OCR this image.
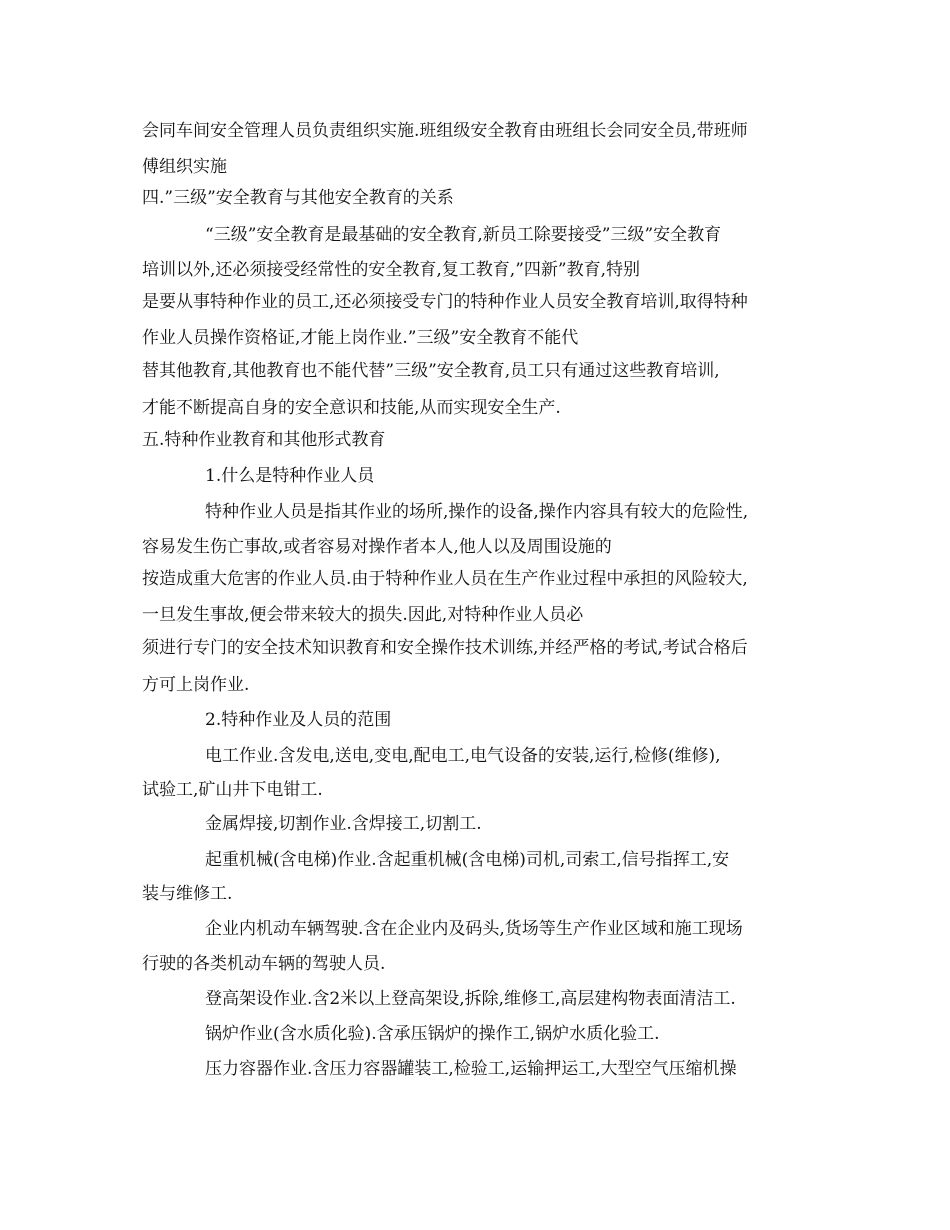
会同车间安全管理人员负责组织实施.班组级安全教育由班组长会同安全员,带班师
傅组织实施
四.”三级”安全教育与其他安全教育的关系
“三级”安全教育是最基础的安全教育,新员工除要接受”三级”安全教育
培训以外,还必须接受经常性的安全教育,复工教育,”四新”教育,特别
是要从事特种作业的员工,还必须接受专门的特种作业人员安全教育培训,取得特种
作业人员操作资格证,才能上岗作业.”三级”安全教育不能代
替其他教育,其他教育也不能代替”三级”安全教育,员工只有通过这些教育培训,
才能不断提高自身的安全意识和技能,从而实现安全生产.
五.特种作业教育和其他形式教育
1.什么是特种作业人员
特种作业人员是指其作业的场所,操作的设备,操作内容具有较大的危险性,
容易发生伤亡事故,或者容易对操作者本人,他人以及周围设施的
按造成重大危害的作业人员.由于特种作业人员在生产作业过程中承担的风险较大,
一旦发生事故,便会带来较大的损失.因此,对特种作业人员必
须进行专门的安全技术知识教育和安全操作技术训练,并经严格的考试,考试合格后
方可上岗作业.
2.特种作业及人员的范围
电工作业.含发电,送电,变电,配电工,电气设备的安装,运行,检修(维修),
试验工,矿山井下电钳工.
金属焊接,切割作业.含焊接工,切割工.
起重机械(含电梯)作业.含起重机械(含电梯)司机,司索工,信号指挥工,安
装与维修工.
企业内机动车辆驾驶.含在企业内及码头,货场等生产作业区域和施工现场
行驶的各类机动车辆的驾驶人员.
登高架设作业.含2米以上登高架设,拆除,维修工,高层建构物表面清洁工.
锅炉作业(含水质化验).含承压锅炉的操作工,锅炉水质化验工.
压力容器作业.含压力容器罐装工,检验工,运输押运工,大型空气压缩机操
